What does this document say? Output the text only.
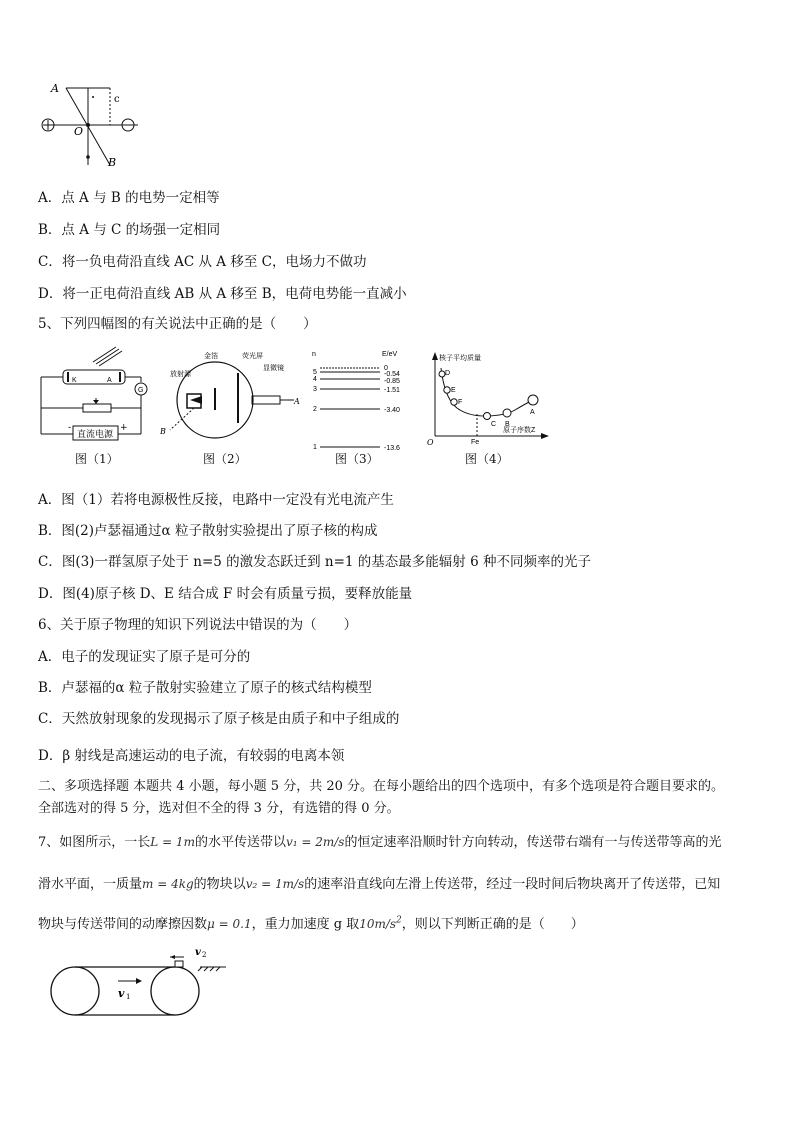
A
c
O
B
A．点 A 与 B 的电势一定相等
B．点 A 与 C 的场强一定相同
C．将一负电荷沿直线 AC 从 A 移至 C，电场力不做功
D．将一正电荷沿直线 AB 从 A 移至 B，电荷电势能一直减小
5、下列四幅图的有关说法中正确的是（　　）
K	A
G
直流电源
-	+
图（1）
放射源
金箔	荧光屏
显微镜
A
B
图（2）
n	E/eV
5
4
3
2
1
0
-0.54
-0.85
-1.51
-3.40
-13.6
图（3）
核子平均质量
O	Fe
原子序数Z
D
E
F
C B
A
图（4）
A．图（1）若将电源极性反接，电路中一定没有光电流产生
B．图(2)卢瑟福通过α 粒子散射实验提出了原子核的构成
C．图(3)一群氢原子处于 n=5 的激发态跃迁到 n=1 的基态最多能辐射 6 种不同频率的光子
D．图(4)原子核 D、E 结合成 F 时会有质量亏损，要释放能量
6、关于原子物理的知识下列说法中错误的为（　　）
A．电子的发现证实了原子是可分的
B．卢瑟福的α 粒子散射实验建立了原子的核式结构模型
C．天然放射现象的发现揭示了原子核是由质子和中子组成的
D．β 射线是高速运动的电子流，有较弱的电离本领
二、多项选择题 本题共 4 小题，每小题 5 分，共 20 分。在每小题给出的四个选项中，有多个选项是符合题目要求的。
全部选对的得 5 分，选对但不全的得 3 分，有选错的得 0 分。
7、如图所示，一长L = 1m的水平传送带以v₁ = 2m/s的恒定速率沿顺时针方向转动，传送带右端有一与传送带等高的光
滑水平面，一质量m = 4kg的物块以v₂ = 1m/s的速率沿直线向左滑上传送带，经过一段时间后物块离开了传送带，已知
物块与传送带间的动摩擦因数μ = 0.1，重力加速度 g 取$10m/s^2$，则以下判断正确的是（　　）
v 2
v 1
